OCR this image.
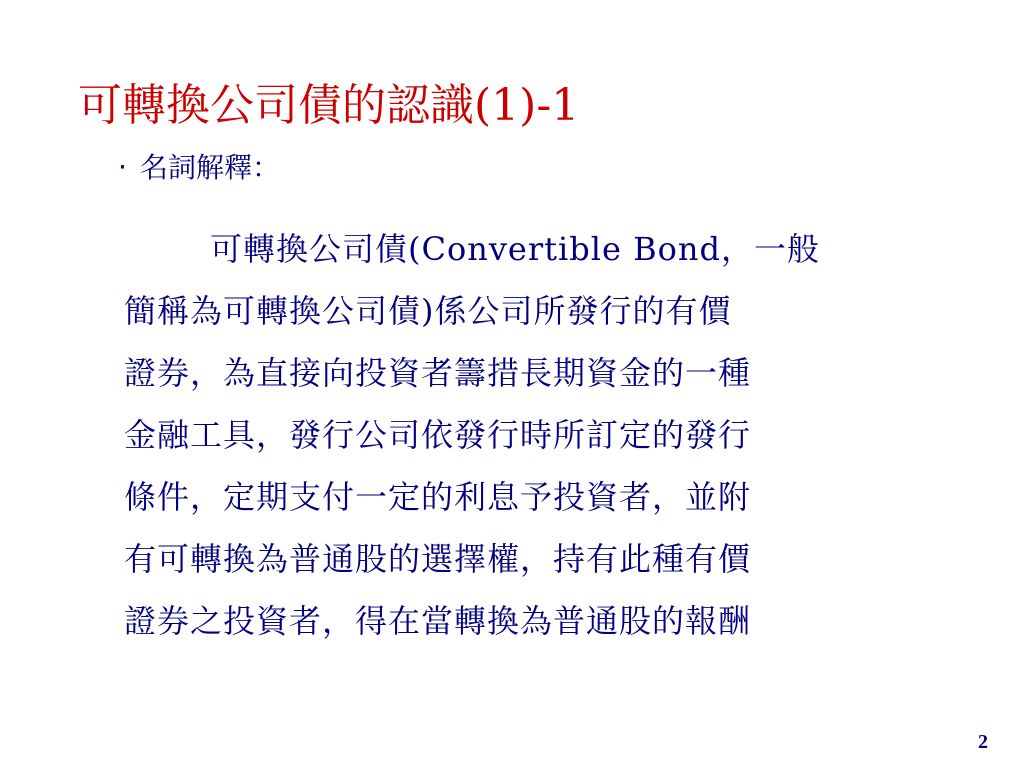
可轉換公司債的認識(1)-1
‧ 名詞解釋：
可轉換公司債(Convertible Bond，一般
簡稱為可轉換公司債)係公司所發行的有價
證券，為直接向投資者籌措長期資金的一種
金融工具，發行公司依發行時所訂定的發行
條件，定期支付一定的利息予投資者，並附
有可轉換為普通股的選擇權，持有此種有價
證券之投資者，得在當轉換為普通股的報酬
2
